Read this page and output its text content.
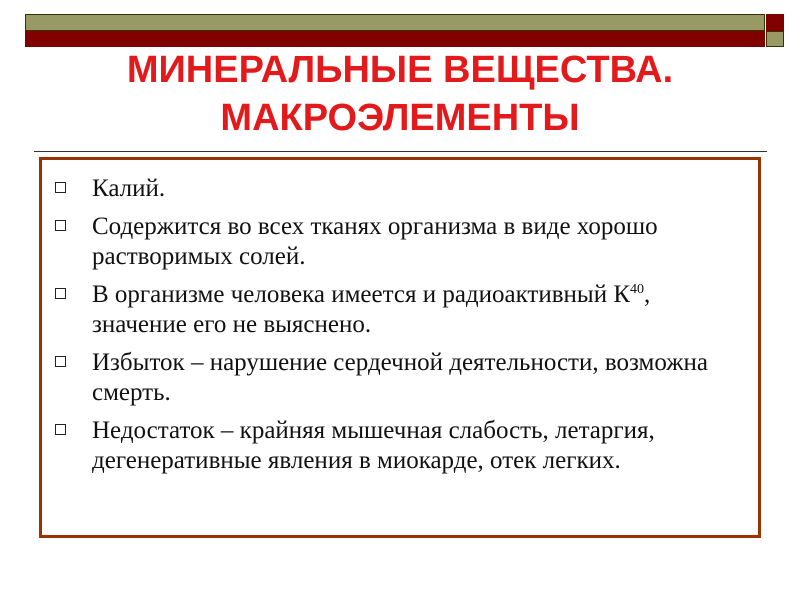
МИНЕРАЛЬНЫЕ ВЕЩЕСТВА.
МАКРОЭЛЕМЕНТЫ
Калий.
Содержится во всех тканях организма в виде хорошо растворимых солей.
В организме человека имеется и радиоактивный $К^{40}$, значение его не выяснено.
Избыток – нарушение сердечной деятельности, возможна смерть.
Недостаток – крайняя мышечная слабость, летаргия, дегенеративные явления в миокарде, отек легких.
